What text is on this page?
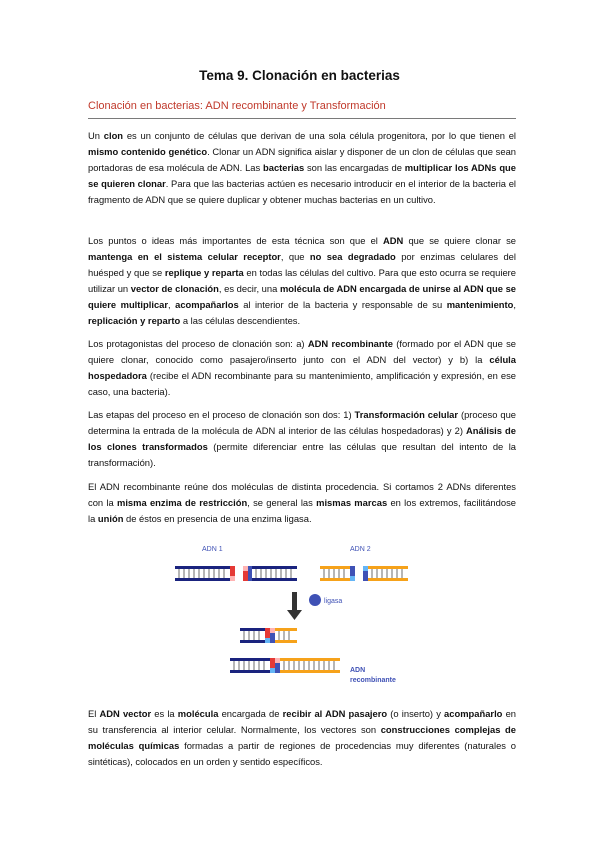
Tema 9. Clonación en bacterias
Clonación en bacterias: ADN recombinante y Transformación
Un clon es un conjunto de células que derivan de una sola célula progenitora, por lo que tienen el mismo contenido genético. Clonar un ADN significa aislar y disponer de un clon de células que sean portadoras de esa molécula de ADN. Las bacterias son las encargadas de multiplicar los ADNs que se quieren clonar. Para que las bacterias actúen es necesario introducir en el interior de la bacteria el fragmento de ADN que se quiere duplicar y obtener muchas bacterias en un cultivo.
Los puntos o ideas más importantes de esta técnica son que el ADN que se quiere clonar se mantenga en el sistema celular receptor, que no sea degradado por enzimas celulares del huésped y que se replique y reparta en todas las células del cultivo. Para que esto ocurra se requiere utilizar un vector de clonación, es decir, una molécula de ADN encargada de unirse al ADN que se quiere multiplicar, acompañarlos al interior de la bacteria y responsable de su mantenimiento, replicación y reparto a las células descendientes.
Los protagonistas del proceso de clonación son: a) ADN recombinante (formado por el ADN que se quiere clonar, conocido como pasajero/inserto junto con el ADN del vector) y b) la célula hospedadora (recibe el ADN recombinante para su mantenimiento, amplificación y expresión, en ese caso, una bacteria).
Las etapas del proceso en el proceso de clonación son dos: 1) Transformación celular (proceso que determina la entrada de la molécula de ADN al interior de las células hospedadoras) y 2) Análisis de los clones transformados (permite diferenciar entre las células que resultan del intento de la transformación).
El ADN recombinante reúne dos moléculas de distinta procedencia. Si cortamos 2 ADNs diferentes con la misma enzima de restricción, se general las mismas marcas en los extremos, facilitándose la unión de éstos en presencia de una enzima ligasa.
ADN 1	ADN 2
ligasa
ADN
recombinante
El ADN vector es la molécula encargada de recibir al ADN pasajero (o inserto) y acompañarlo en su transferencia al interior celular. Normalmente, los vectores son construcciones complejas de moléculas químicas formadas a partir de regiones de procedencias muy diferentes (naturales o sintéticas), colocados en un orden y sentido específicos.
